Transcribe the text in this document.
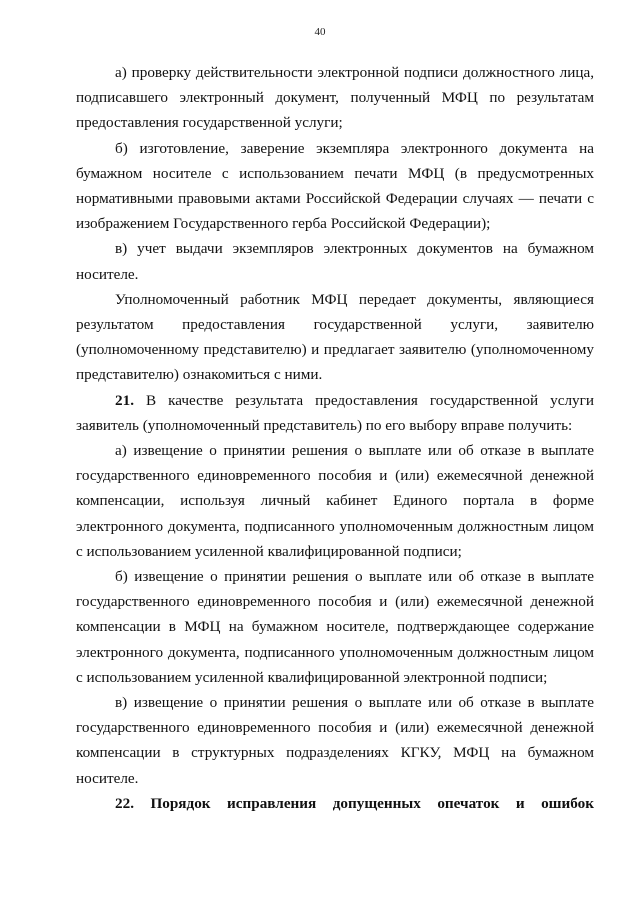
40

а) проверку действительности электронной подписи должностного лица, подписавшего электронный документ, полученный МФЦ по результатам предоставления государственной услуги;

б) изготовление, заверение экземпляра электронного документа на бумажном носителе с использованием печати МФЦ (в предусмотренных нормативными правовыми актами Российской Федерации случаях — печати с изображением Государственного герба Российской Федерации);

в) учет выдачи экземпляров электронных документов на бумажном носителе.

Уполномоченный работник МФЦ передает документы, являющиеся результатом предоставления государственной услуги, заявителю (уполномоченному представителю) и предлагает заявителю (уполномоченному представителю) ознакомиться с ними.

21. В качестве результата предоставления государственной услуги заявитель (уполномоченный представитель) по его выбору вправе получить:

а) извещение о принятии решения о выплате или об отказе в выплате государственного единовременного пособия и (или) ежемесячной денежной компенсации, используя личный кабинет Единого портала в форме электронного документа, подписанного уполномоченным должностным лицом с использованием усиленной квалифицированной подписи;

б) извещение о принятии решения о выплате или об отказе в выплате государственного единовременного пособия и (или) ежемесячной денежной компенсации в МФЦ на бумажном носителе, подтверждающее содержание электронного документа, подписанного уполномоченным должностным лицом с использованием усиленной квалифицированной электронной подписи;

в) извещение о принятии решения о выплате или об отказе в выплате государственного единовременного пособия и (или) ежемесячной денежной компенсации в структурных подразделениях КГКУ, МФЦ на бумажном носителе.

22. Порядок исправления допущенных опечаток и ошибок
